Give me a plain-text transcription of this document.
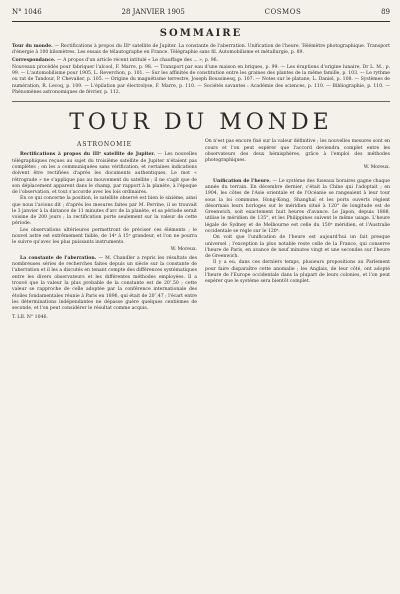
N° 1046	28 JANVIER 1905	COSMOS	89
SOMMAIRE

Tour du monde. — Rectifications à propos du IIIᵉ satellite de Jupiter. La constante de l'aberration. Unification de l'heure. Télémètre photographique. Transport d'énergie à 100 kilomètres. Les essais de télautographe en France. Télégraphie sans fil. Automobilisme et métallurgie, p. 89.

Correspondance. — A propos d'un article récent intitulé « Le chauffage des ... », p. 96.

Nouveaux procédés pour fabriquer l'alcool, F. Marre, p. 98. — Transport par eau d'une maison en briques, p. 99. — Les éruptions d'origine lunaire, Dr L. M., p. 99. — L'automobilisme pour 1905, L. Reverchon, p. 101. — Sur les affinités de constitution entre les graines des plantes de la même famille, p. 103. — Le rythme ou rat de Tandour, P. Chevalier, p. 105. — Origine du magnétisme terrestre, Joseph Boussinesq, p. 107. — Notes sur le platane, L. Daniel, p. 108. — Systèmes de numération, R. Lecoq, p. 109. — L'épilation par électrolyse, F. Marre, p. 110. — Sociétés savantes : Académie des sciences, p. 110. — Bibliographie, p. 110. — Phénomènes astronomiques de février, p. 112.

TOUR DU MONDE
ASTRONOMIE

Rectifications à propos du IIIᵉ satellite de Jupiter. — Les nouvelles télégraphiques reçues au sujet du troisième satellite de Jupiter n'étaient pas complètes ; on les a communiquées sans vérification, et certaines indications doivent être rectifiées d'après les documents authentiques. Le mot « rétrograde » ne s'applique pas au mouvement du satellite ; il ne s'agit que de son déplacement apparent dans le champ, par rapport à la planète, à l'époque de l'observation, et tout s'accorde avec les lois ordinaires.

En ce qui concerne la position, le satellite observé est bien le sixième, ainsi que nous l'avions dit ; d'après les mesures faites par M. Perrine, il se trouvait le 3 janvier à la distance de 11 minutes d'arc de la planète, et sa période serait voisine de 200 jours ; la rectification porte seulement sur la valeur de cette période.

Les observations ultérieures permettront de préciser ces éléments ; le nouvel astre est extrêmement faible, de 14ᵉ à 15ᵉ grandeur, et l'on ne pourra le suivre qu'avec les plus puissants instruments.

W. Moreux.

La constante de l'aberration. — M. Chandler a repris les résultats des nombreuses séries de recherches faites depuis un siècle sur la constante de l'aberration et il les a discutés en tenant compte des différences systématiques entre les divers observateurs et les différentes méthodes employées. Il a trouvé que la valeur la plus probable de la constante est de 20″,50 ; cette valeur se rapproche de celle adoptée par la conférence internationale des étoiles fondamentales réunie à Paris en 1896, qui était de 20″,47 ; l'écart entre les déterminations indépendantes ne dépasse guère quelques centièmes de seconde, et l'on peut considérer le résultat comme acquis.

T. LII. N° 1046.

On n'est pas encore fixé sur la valeur définitive ; les nouvelles mesures sont en cours et l'on peut espérer que l'accord deviendra complet entre les observateurs des deux hémisphères, grâce à l'emploi des méthodes photographiques.

W. Moreux.

Unification de l'heure. — Le système des fuseaux horaires gagne chaque année du terrain. En décembre dernier, c'était la Chine qui l'adoptait ; en 1904, les côtes de l'Asie orientale et de l'Océanie se rangeaient à leur tour sous la loi commune. Hong-Kong, Shanghaï et les ports ouverts règlent désormais leurs horloges sur le méridien situé à 120° de longitude est de Greenwich, soit exactement huit heures d'avance. Le Japon, depuis 1888, utilise le méridien de 135°, et les Philippines suivent le même usage. L'heure légale de Sydney et de Melbourne est celle du 150ᵉ méridien, et l'Australie occidentale se règle sur le 120ᵉ.

On voit que l'unification de l'heure est aujourd'hui un fait presque universel ; l'exception la plus notable reste celle de la France, qui conserve l'heure de Paris, en avance de neuf minutes vingt et une secondes sur l'heure de Greenwich.

Il y a eu, dans ces derniers temps, plusieurs propositions au Parlement pour faire disparaître cette anomalie ; les Anglais, de leur côté, ont adopté l'heure de l'Europe occidentale dans la plupart de leurs colonies, et l'on peut espérer que le système sera bientôt complet.
